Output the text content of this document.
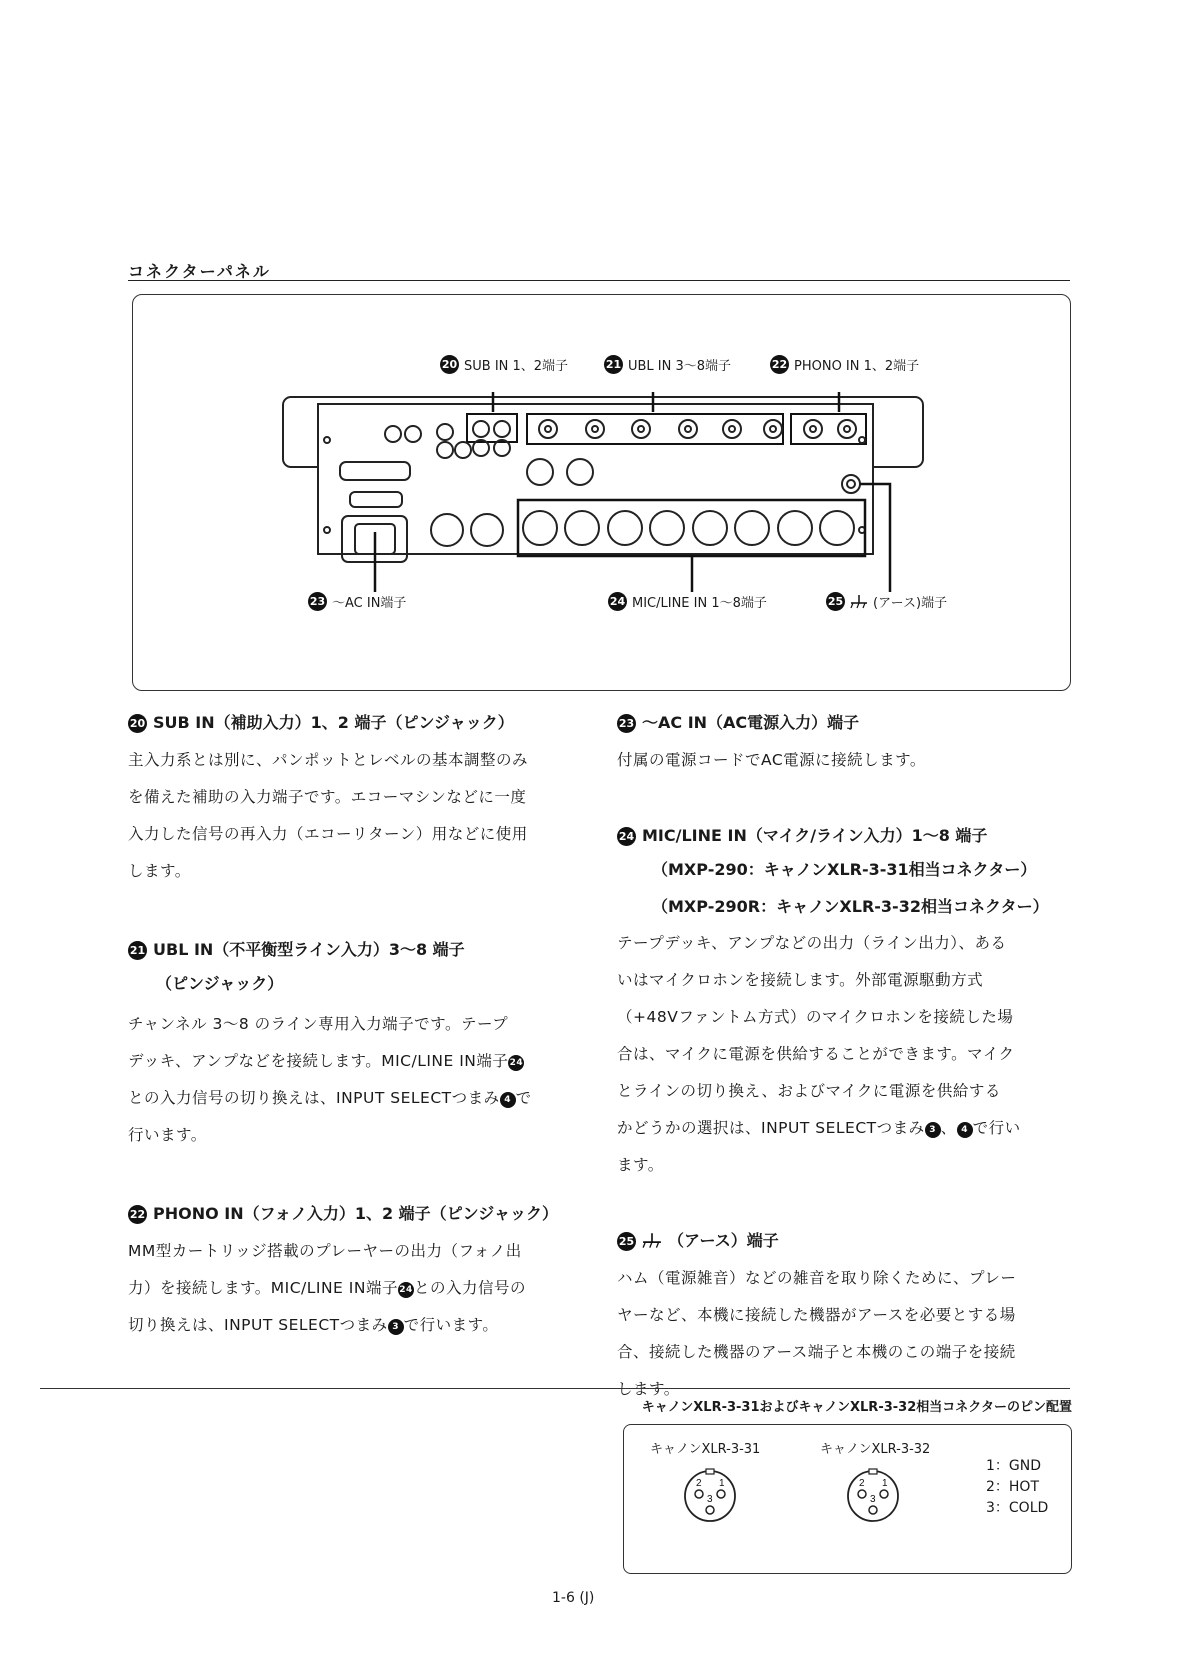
コネクターパネル
20 SUB IN 1、2端子	21 UBL IN 3～8端子	22 PHONO IN 1、2端子
23 ～AC IN端子	24 MIC/LINE IN 1～8端子	25 (アース)端子
20 SUB IN（補助入力）1、2 端子（ピンジャック）
主入力系とは別に、パンポットとレベルの基本調整のみ
を備えた補助の入力端子です。エコーマシンなどに一度
入力した信号の再入力（エコーリターン）用などに使用
します。
21 UBL IN（不平衡型ライン入力）3～8 端子
（ピンジャック）
チャンネル 3～8 のライン専用入力端子です。テープ
デッキ、アンプなどを接続します。MIC/LINE IN端子24
との入力信号の切り換えは、INPUT SELECTつまみ 4 で
行います。
22 PHONO IN（フォノ入力）1、2 端子（ピンジャック）
MM型カートリッジ搭載のプレーヤーの出力（フォノ出
力）を接続します。MIC/LINE IN端子24との入力信号の
切り換えは、INPUT SELECTつまみ 3 で行います。
23 ～AC IN（AC電源入力）端子
付属の電源コードでAC電源に接続します。
24 MIC/LINE IN（マイク/ライン入力）1～8 端子
（MXP-290：キャノンXLR-3-31相当コネクター）
（MXP-290R：キャノンXLR-3-32相当コネクター）
テープデッキ、アンプなどの出力（ライン出力）、ある
いはマイクロホンを接続します。外部電源駆動方式
（+48Vファントム方式）のマイクロホンを接続した場
合は、マイクに電源を供給することができます。マイク
とラインの切り換え、およびマイクに電源を供給する
かどうかの選択は、INPUT SELECTつまみ 3 、 4 で行い
ます。
25 （アース）端子
ハム（電源雑音）などの雑音を取り除くために、プレー
ヤーなど、本機に接続した機器がアースを必要とする場
合、接続した機器のアース端子と本機のこの端子を接続
します。
キャノンXLR-3-31およびキャノンXLR-3-32相当コネクターのピン配置
キャノンXLR-3-31	キャノンXLR-3-32
2 1
3
2 1
3
1：GND
2：HOT
3：COLD
1-6 (J)
